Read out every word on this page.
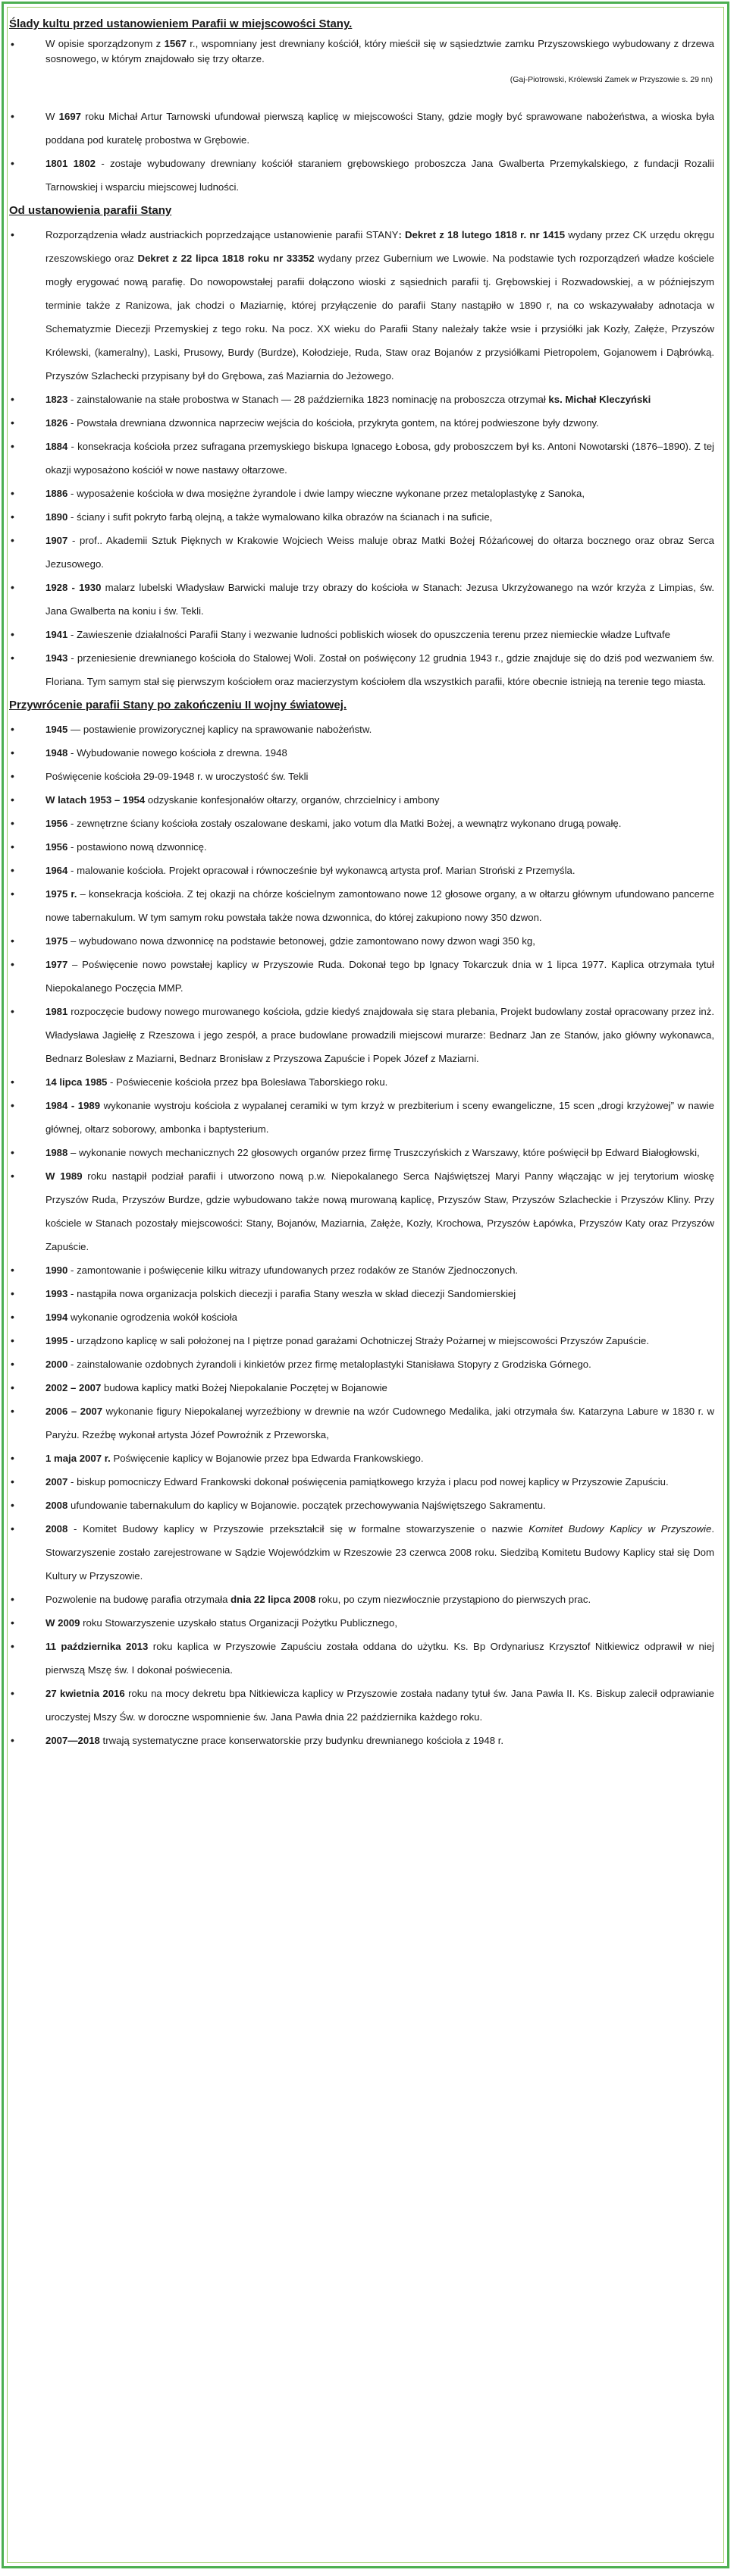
Ślady kultu przed ustanowieniem Parafii w miejscowości Stany.
• W opisie sporządzonym z 1567 r., wspomniany jest drewniany kościół, który mieścił się w sąsiedztwie zamku Przyszowskiego wybudowany z drzewa sosnowego, w którym znajdowało się trzy ołtarze.
(Gaj-Piotrowski, Królewski Zamek w Przyszowie s. 29 nn)
• W 1697 roku Michał Artur Tarnowski ufundował pierwszą kaplicę w miejscowości Stany, gdzie mogły być sprawowane nabożeństwa, a wioska była poddana pod kuratelę probostwa w Grębowie.
• 1801 1802 - zostaje wybudowany drewniany kościół staraniem grębowskiego proboszcza Jana Gwalberta Przemykalskiego, z fundacji Rozalii Tarnowskiej i wsparciu miejscowej ludności.
Od ustanowienia parafii Stany
• Rozporządzenia władz austriackich poprzedzające ustanowienie parafii STANY: Dekret z 18 lutego 1818 r. nr 1415 wydany przez CK urzędu okręgu rzeszowskiego oraz Dekret z 22 lipca 1818 roku nr 33352 wydany przez Gubernium we Lwowie. Na podstawie tych rozporządzeń władze kościele mogły erygować nową parafię. Do nowopowstałej parafii dołączono wioski z sąsiednich parafii tj. Grębowskiej i Rozwadowskiej, a w późniejszym terminie także z Ranizowa, jak chodzi o Maziarnię, której przyłączenie do parafii Stany nastąpiło w 1890 r, na co wskazywałaby adnotacja w Schematyzmie Diecezji Przemyskiej z tego roku. Na pocz. XX wieku do Parafii Stany należały także wsie i przysiółki jak Kozły, Załęże, Przyszów Królewski, (kameralny), Laski, Prusowy, Burdy (Burdze), Kołodzieje, Ruda, Staw oraz Bojanów z przysiółkami Pietropolem, Gojanowem i Dąbrówką. Przyszów Szlachecki przypisany był do Grębowa, zaś Maziarnia do Jeżowego.
• 1823 - zainstalowanie na stałe probostwa w Stanach — 28 października 1823 nominację na proboszcza otrzymał ks. Michał Kleczyński
• 1826 - Powstała drewniana dzwonnica naprzeciw wejścia do kościoła, przykryta gontem, na której podwieszone były dzwony.
• 1884 - konsekracja kościoła przez sufragana przemyskiego biskupa Ignacego Łobosa, gdy proboszczem był ks. Antoni Nowotarski (1876–1890). Z tej okazji wyposażono kościół w nowe nastawy ołtarzowe.
• 1886 - wyposażenie kościoła w dwa mosiężne żyrandole i dwie lampy wieczne wykonane przez metaloplastykę z Sanoka,
• 1890 - ściany i sufit pokryto farbą olejną, a także wymalowano kilka obrazów na ścianach i na suficie,
• 1907 - prof.. Akademii Sztuk Pięknych w Krakowie Wojciech Weiss maluje obraz Matki Bożej Różańcowej do ołtarza bocznego oraz obraz Serca Jezusowego.
• 1928 - 1930 malarz lubelski Władysław Barwicki maluje trzy obrazy do kościoła w Stanach: Jezusa Ukrzyżowanego na wzór krzyża z Limpias, św. Jana Gwalberta na koniu i św. Tekli.
• 1941 - Zawieszenie działalności Parafii Stany i wezwanie ludności pobliskich wiosek do opuszczenia terenu przez niemieckie władze Luftvafe
• 1943 - przeniesienie drewnianego kościoła do Stalowej Woli. Został on poświęcony 12 grudnia 1943 r., gdzie znajduje się do dziś pod wezwaniem św. Floriana. Tym samym stał się pierwszym kościołem oraz macierzystym kościołem dla wszystkich parafii, które obecnie istnieją na terenie tego miasta.
Przywrócenie parafii Stany po zakończeniu II wojny światowej.
• 1945 — postawienie prowizorycznej kaplicy na sprawowanie nabożeństw.
• 1948 - Wybudowanie nowego kościoła z drewna. 1948
• Poświęcenie kościoła 29-09-1948 r. w uroczystość św. Tekli
• W latach 1953 – 1954 odzyskanie konfesjonałów ołtarzy, organów, chrzcielnicy i ambony
• 1956 - zewnętrzne ściany kościoła zostały oszalowane deskami, jako votum dla Matki Bożej, a wewnątrz wykonano drugą powałę.
• 1956 - postawiono nową dzwonnicę.
• 1964 - malowanie kościoła. Projekt opracował i równocześnie był wykonawcą artysta prof. Marian Stroński z Przemyśla.
• 1975 r. – konsekracja kościoła. Z tej okazji na chórze kościelnym zamontowano nowe 12 głosowe organy, a w ołtarzu głównym ufundowano pancerne nowe tabernakulum. W tym samym roku powstała także nowa dzwonnica, do której zakupiono nowy 350 dzwon.
• 1975 – wybudowano nowa dzwonnicę na podstawie betonowej, gdzie zamontowano nowy dzwon wagi 350 kg,
• 1977 – Poświęcenie nowo powstałej kaplicy w Przyszowie Ruda. Dokonał tego bp Ignacy Tokarczuk dnia w 1 lipca 1977. Kaplica otrzymała tytuł Niepokalanego Poczęcia MMP.
• 1981 rozpoczęcie budowy nowego murowanego kościoła, gdzie kiedyś znajdowała się stara plebania, Projekt budowlany został opracowany przez inż. Władysława Jagiełłę z Rzeszowa i jego zespół, a prace budowlane prowadzili miejscowi murarze: Bednarz Jan ze Stanów, jako główny wykonawca, Bednarz Bolesław z Maziarni, Bednarz Bronisław z Przyszowa Zapuście i Popek Józef z Maziarni.
• 14 lipca 1985 - Poświecenie kościoła przez bpa Bolesława Taborskiego roku.
• 1984 - 1989 wykonanie wystroju kościoła z wypalanej ceramiki w tym krzyż w prezbiterium i sceny ewangeliczne, 15 scen „drogi krzyżowej” w nawie głównej, ołtarz soborowy, ambonka i baptysterium.
• 1988 – wykonanie nowych mechanicznych 22 głosowych organów przez firmę Truszczyńskich z Warszawy, które poświęcił bp Edward Białogłowski,
• W 1989 roku nastąpił podział parafii i utworzono nową p.w. Niepokalanego Serca Najświętszej Maryi Panny włączając w jej terytorium wioskę Przyszów Ruda, Przyszów Burdze, gdzie wybudowano także nową murowaną kaplicę, Przyszów Staw, Przyszów Szlacheckie i Przyszów Kliny. Przy kościele w Stanach pozostały miejscowości: Stany, Bojanów, Maziarnia, Załęże, Kozły, Krochowa, Przyszów Łapówka, Przyszów Katy oraz Przyszów Zapuście.
• 1990 - zamontowanie i poświęcenie kilku witrazy ufundowanych przez rodaków ze Stanów Zjednoczonych.
• 1993 - nastąpiła nowa organizacja polskich diecezji i parafia Stany weszła w skład diecezji Sandomierskiej
• 1994 wykonanie ogrodzenia wokół kościoła
• 1995 - urządzono kaplicę w sali położonej na I piętrze ponad garażami Ochotniczej Straży Pożarnej w miejscowości Przyszów Zapuście.
• 2000 - zainstalowanie ozdobnych żyrandoli i kinkietów przez firmę metaloplastyki Stanisława Stopyry z Grodziska Górnego.
• 2002 – 2007 budowa kaplicy matki Bożej Niepokalanie Poczętej w Bojanowie
• 2006 – 2007 wykonanie figury Niepokalanej wyrzeźbiony w drewnie na wzór Cudownego Medalika, jaki otrzymała św. Katarzyna Labure w 1830 r. w Paryżu. Rzeźbę wykonał artysta Józef Powroźnik z Przeworska,
• 1 maja 2007 r. Poświęcenie kaplicy w Bojanowie przez bpa Edwarda Frankowskiego.
• 2007 - biskup pomocniczy Edward Frankowski dokonał poświęcenia pamiątkowego krzyża i placu pod nowej kaplicy w Przyszowie Zapuściu.
• 2008 ufundowanie tabernakulum do kaplicy w Bojanowie. początek przechowywania Najświętszego Sakramentu.
• 2008 - Komitet Budowy kaplicy w Przyszowie przekształcił się w formalne stowarzyszenie o nazwie Komitet Budowy Kaplicy w Przyszowie. Stowarzyszenie zostało zarejestrowane w Sądzie Wojewódzkim w Rzeszowie 23 czerwca 2008 roku. Siedzibą Komitetu Budowy Kaplicy stał się Dom Kultury w Przyszowie.
• Pozwolenie na budowę parafia otrzymała dnia 22 lipca 2008 roku, po czym niezwłocznie przystąpiono do pierwszych prac.
• W 2009 roku Stowarzyszenie uzyskało status Organizacji Pożytku Publicznego,
• 11 października 2013 roku kaplica w Przyszowie Zapuściu została oddana do użytku. Ks. Bp Ordynariusz Krzysztof Nitkiewicz odprawił w niej pierwszą Mszę św. I dokonał poświecenia.
• 27 kwietnia 2016 roku na mocy dekretu bpa Nitkiewicza kaplicy w Przyszowie została nadany tytuł św. Jana Pawła II. Ks. Biskup zalecił odprawianie uroczystej Mszy Św. w doroczne wspomnienie św. Jana Pawła dnia 22 października każdego roku.
• 2007—2018 trwają systematyczne prace konserwatorskie przy budynku drewnianego kościoła z 1948 r.
